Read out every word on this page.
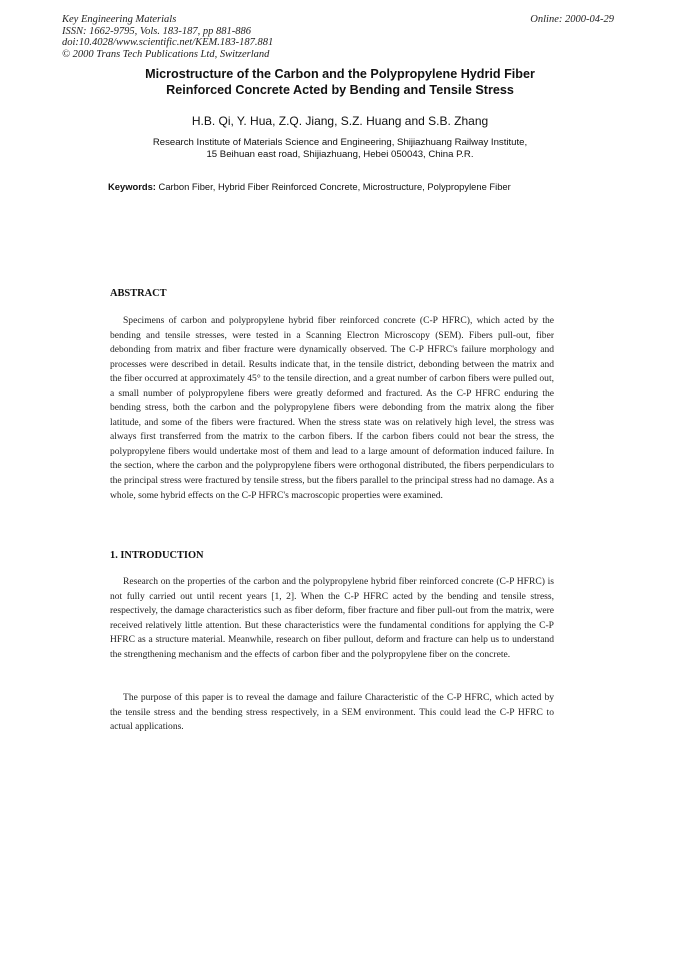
Key Engineering Materials
ISSN: 1662-9795, Vols. 183-187, pp 881-886
doi:10.4028/www.scientific.net/KEM.183-187.881
© 2000 Trans Tech Publications Ltd, Switzerland
Online: 2000-04-29
Microstructure of the Carbon and the Polypropylene Hydrid Fiber
Reinforced Concrete Acted by Bending and Tensile Stress
H.B. Qi, Y. Hua, Z.Q. Jiang, S.Z. Huang and S.B. Zhang
Research Institute of Materials Science and Engineering, Shijiazhuang Railway Institute,
15 Beihuan east road, Shijiazhuang, Hebei 050043, China P.R.
Keywords: Carbon Fiber, Hybrid Fiber Reinforced Concrete, Microstructure, Polypropylene Fiber
ABSTRACT

Specimens of carbon and polypropylene hybrid fiber reinforced concrete (C-P HFRC), which acted by the bending and tensile stresses, were tested in a Scanning Electron Microscopy (SEM). Fibers pull-out, fiber debonding from matrix and fiber fracture were dynamically observed. The C-P HFRC's failure morphology and processes were described in detail. Results indicate that, in the tensile district, debonding between the matrix and the fiber occurred at approximately 45° to the tensile direction, and a great number of carbon fibers were pulled out, a small number of polypropylene fibers were greatly deformed and fractured. As the C-P HFRC enduring the bending stress, both the carbon and the polypropylene fibers were debonding from the matrix along the fiber latitude, and some of the fibers were fractured. When the stress state was on relatively high level, the stress was always first transferred from the matrix to the carbon fibers. If the carbon fibers could not bear the stress, the polypropylene fibers would undertake most of them and lead to a large amount of deformation induced failure. In the section, where the carbon and the polypropylene fibers were orthogonal distributed, the fibers perpendiculars to the principal stress were fractured by tensile stress, but the fibers parallel to the principal stress had no damage. As a whole, some hybrid effects on the C-P HFRC's macroscopic properties were examined.

1. INTRODUCTION

Research on the properties of the carbon and the polypropylene hybrid fiber reinforced concrete (C-P HFRC) is not fully carried out until recent years [1, 2]. When the C-P HFRC acted by the bending and tensile stress, respectively, the damage characteristics such as fiber deform, fiber fracture and fiber pull-out from the matrix, were received relatively little attention. But these characteristics were the fundamental conditions for applying the C-P HFRC as a structure material. Meanwhile, research on fiber pullout, deform and fracture can help us to understand the strengthening mechanism and the effects of carbon fiber and the polypropylene fiber on the concrete.

The purpose of this paper is to reveal the damage and failure Characteristic of the C-P HFRC, which acted by the tensile stress and the bending stress respectively, in a SEM environment. This could lead the C-P HFRC to actual applications.
